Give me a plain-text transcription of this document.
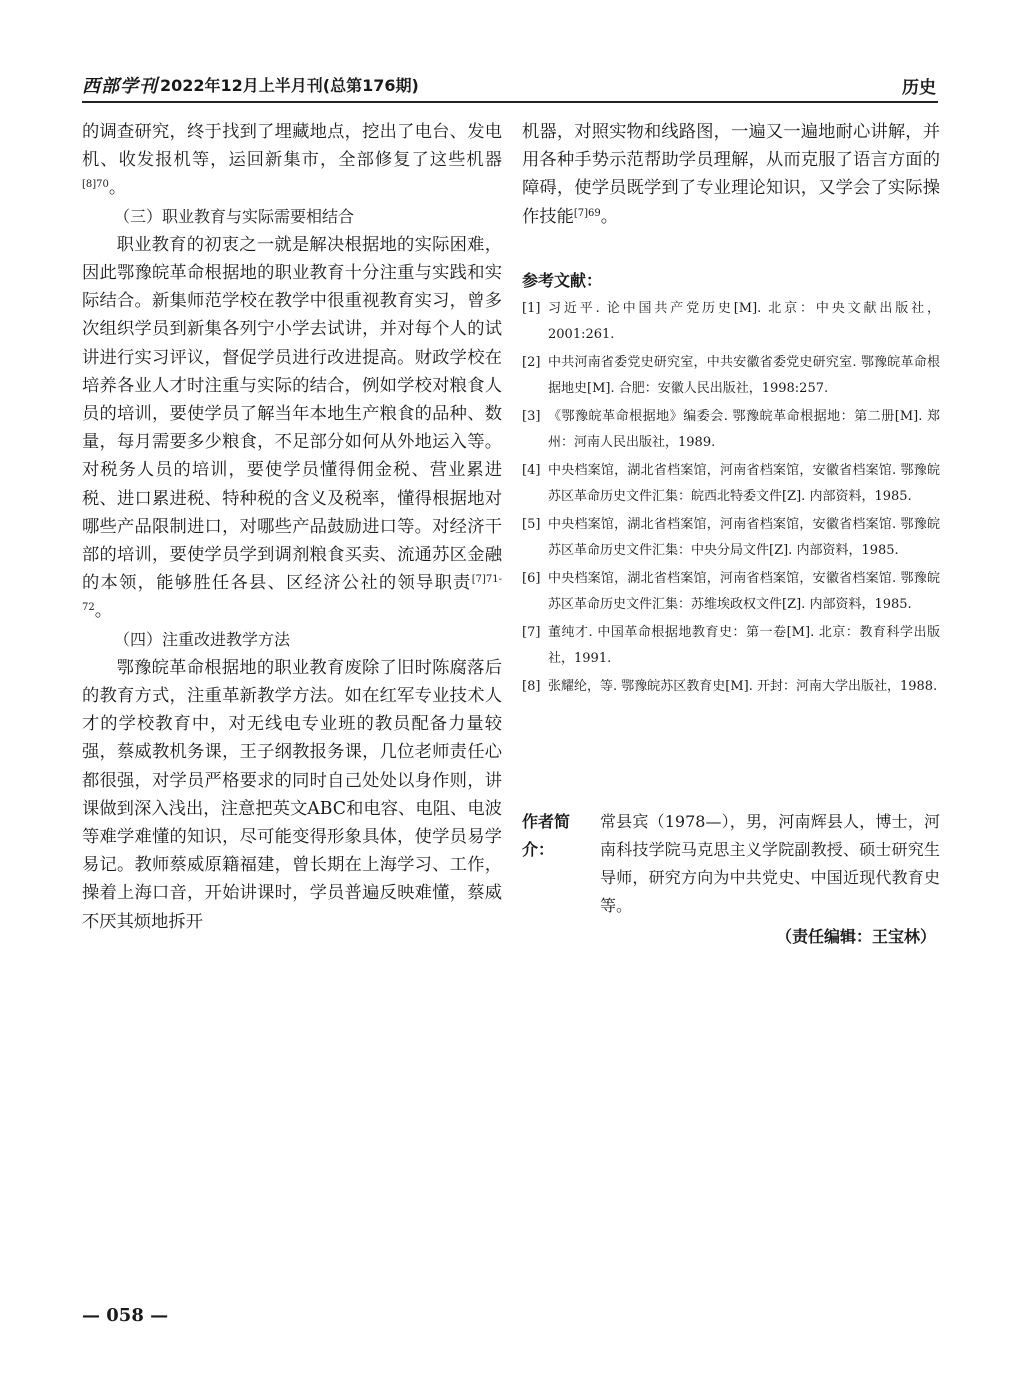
西部学刊 2022年12月上半月刊(总第176期)	历史

的调查研究，终于找到了埋藏地点，挖出了电台、发电机、收发报机等，运回新集市，全部修复了这些机器$^{[8]70}$。

（三）职业教育与实际需要相结合

职业教育的初衷之一就是解决根据地的实际困难，因此鄂豫皖革命根据地的职业教育十分注重与实践和实际结合。新集师范学校在教学中很重视教育实习，曾多次组织学员到新集各列宁小学去试讲，并对每个人的试讲进行实习评议，督促学员进行改进提高。财政学校在培养各业人才时注重与实际的结合，例如学校对粮食人员的培训，要使学员了解当年本地生产粮食的品种、数量，每月需要多少粮食，不足部分如何从外地运入等。对税务人员的培训，要使学员懂得佣金税、营业累进税、进口累进税、特种税的含义及税率，懂得根据地对哪些产品限制进口，对哪些产品鼓励进口等。对经济干部的培训，要使学员学到调剂粮食买卖、流通苏区金融的本领，能够胜任各县、区经济公社的领导职责$^{[7]71-72}$。

（四）注重改进教学方法

鄂豫皖革命根据地的职业教育废除了旧时陈腐落后的教育方式，注重革新教学方法。如在红军专业技术人才的学校教育中，对无线电专业班的教员配备力量较强，蔡威教机务课，王子纲教报务课，几位老师责任心都很强，对学员严格要求的同时自己处处以身作则，讲课做到深入浅出，注意把英文ABC和电容、电阻、电波等难学难懂的知识，尽可能变得形象具体，使学员易学易记。教师蔡威原籍福建，曾长期在上海学习、工作，操着上海口音，开始讲课时，学员普遍反映难懂，蔡威不厌其烦地拆开

机器，对照实物和线路图，一遍又一遍地耐心讲解，并用各种手势示范帮助学员理解，从而克服了语言方面的障碍，使学员既学到了专业理论知识，又学会了实际操作技能$^{[7]69}$。

参考文献：

[1] 习近平. 论中国共产党历史[M]. 北京：中央文献出版社，2001:261.
[2] 中共河南省委党史研究室，中共安徽省委党史研究室. 鄂豫皖革命根据地史[M]. 合肥：安徽人民出版社，1998:257.
[3] 《鄂豫皖革命根据地》编委会. 鄂豫皖革命根据地：第二册[M]. 郑州：河南人民出版社，1989.
[4] 中央档案馆，湖北省档案馆，河南省档案馆，安徽省档案馆. 鄂豫皖苏区革命历史文件汇集：皖西北特委文件[Z]. 内部资料，1985.
[5] 中央档案馆，湖北省档案馆，河南省档案馆，安徽省档案馆. 鄂豫皖苏区革命历史文件汇集：中央分局文件[Z]. 内部资料，1985.
[6] 中央档案馆，湖北省档案馆，河南省档案馆，安徽省档案馆. 鄂豫皖苏区革命历史文件汇集：苏维埃政权文件[Z]. 内部资料，1985.
[7] 董纯才. 中国革命根据地教育史：第一卷[M]. 北京：教育科学出版社，1991.
[8] 张耀纶，等. 鄂豫皖苏区教育史[M]. 开封：河南大学出版社，1988.
作者简介：
常县宾（1978—），男，河南辉县人，博士，河南科技学院马克思主义学院副教授、硕士研究生导师，研究方向为中共党史、中国近现代教育史等。
（责任编辑：王宝林）
— 058 —
